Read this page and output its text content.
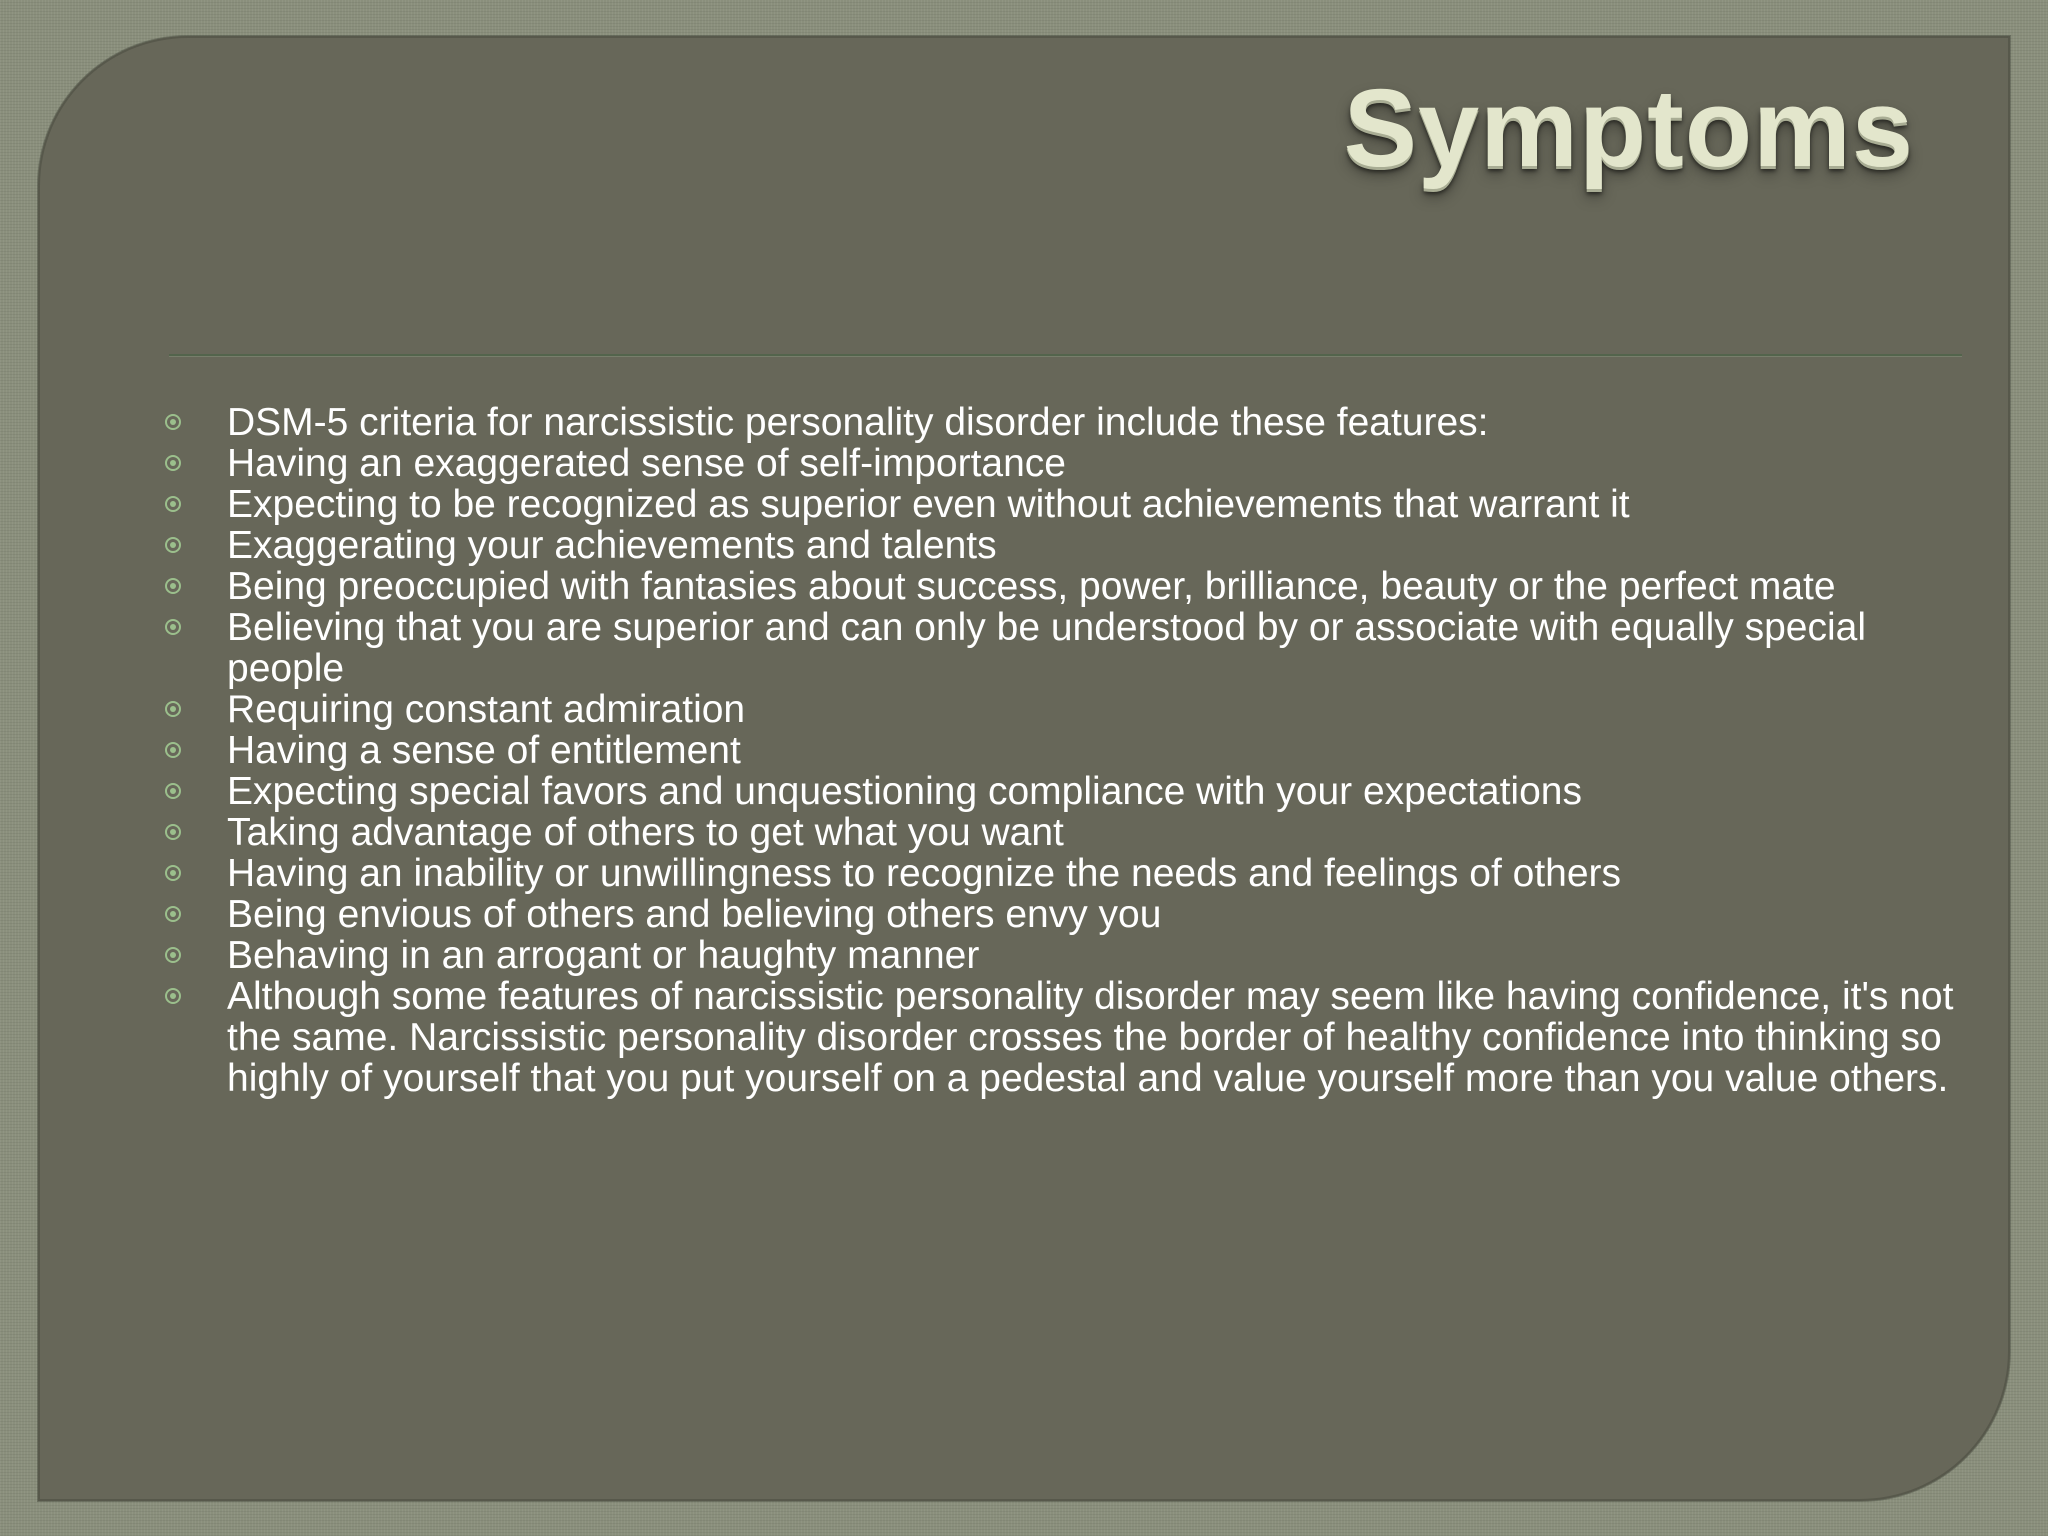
Symptoms
DSM-5 criteria for narcissistic personality disorder include these features:
Having an exaggerated sense of self-importance
Expecting to be recognized as superior even without achievements that warrant it
Exaggerating your achievements and talents
Being preoccupied with fantasies about success, power, brilliance, beauty or the perfect mate
Believing that you are superior and can only be understood by or associate with equally special people
Requiring constant admiration
Having a sense of entitlement
Expecting special favors and unquestioning compliance with your expectations
Taking advantage of others to get what you want
Having an inability or unwillingness to recognize the needs and feelings of others
Being envious of others and believing others envy you
Behaving in an arrogant or haughty manner
Although some features of narcissistic personality disorder may seem like having confidence, it's not the same. Narcissistic personality disorder crosses the border of healthy confidence into thinking so highly of yourself that you put yourself on a pedestal and value yourself more than you value others.
